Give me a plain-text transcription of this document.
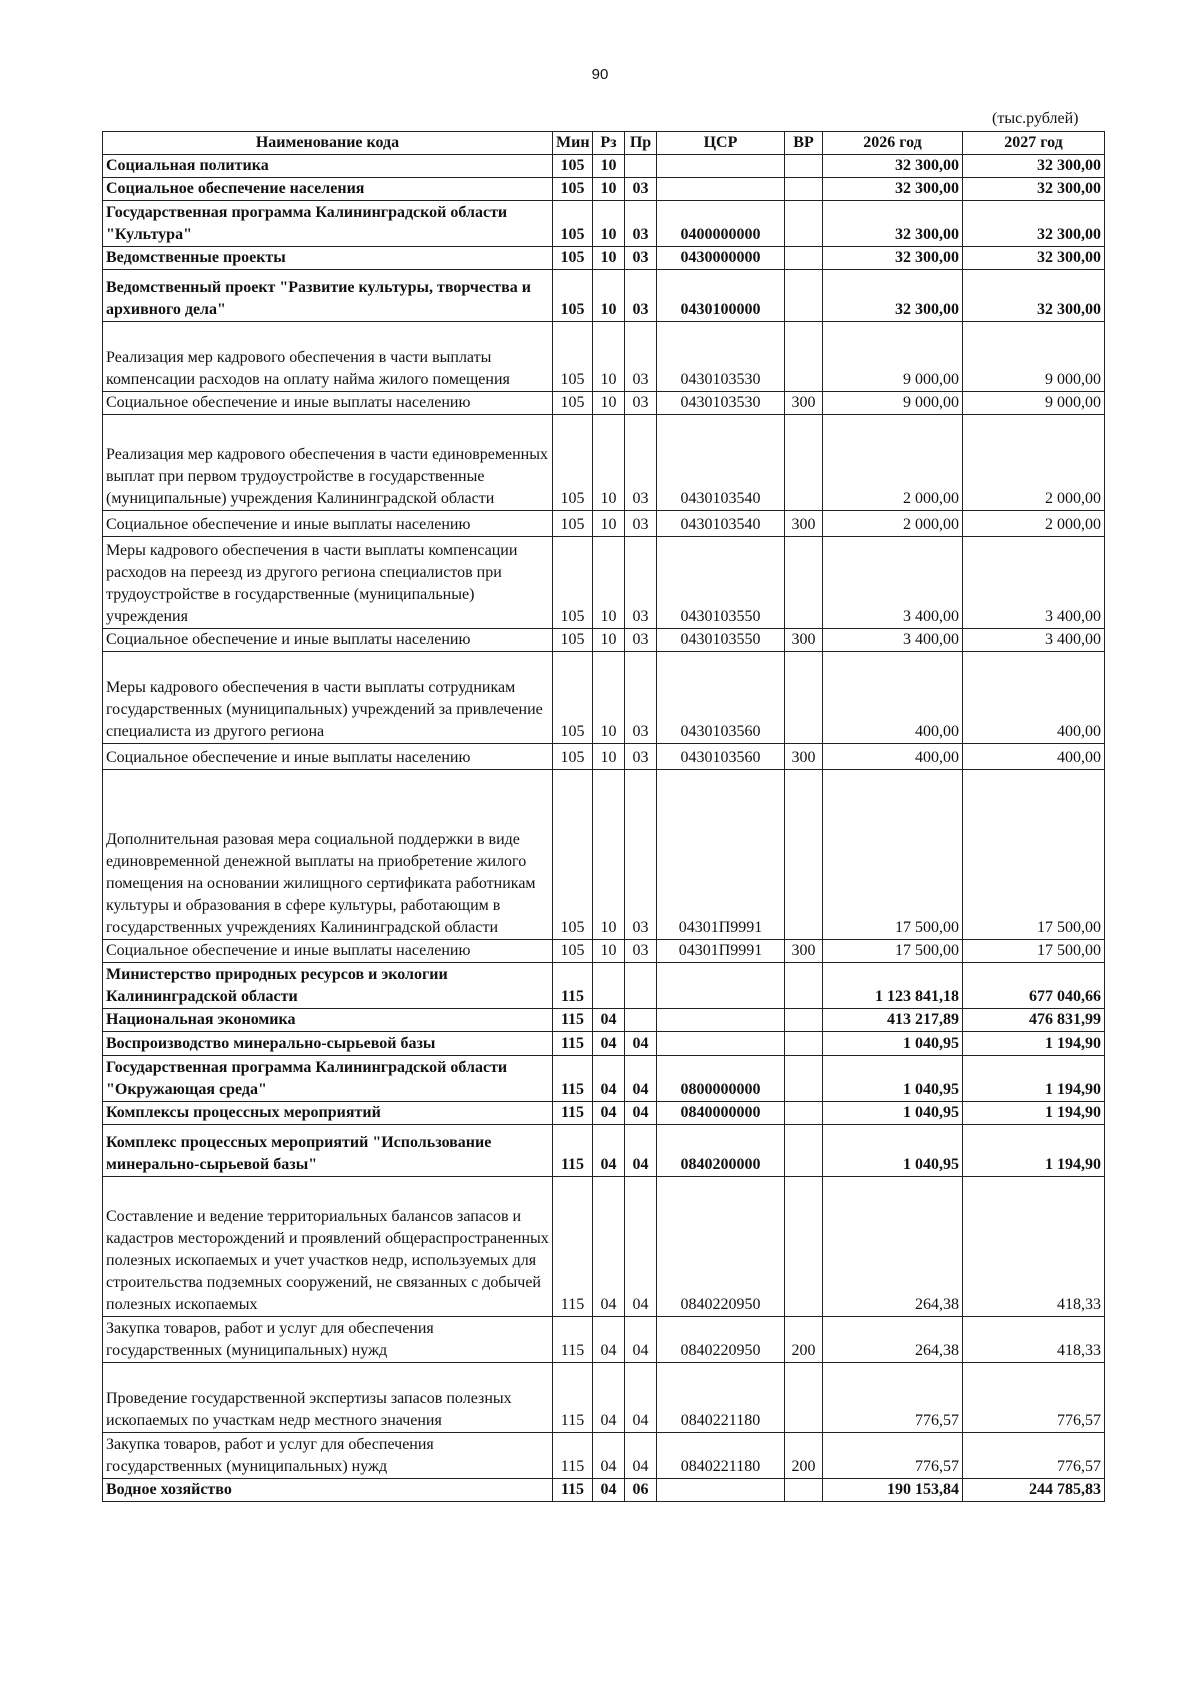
90
(тыс.рублей)
Наименование кода	Мин	Рз	Пр	ЦСР	ВР	2026 год	2027 год
Социальная политика	105	10				32 300,00	32 300,00
Социальное обеспечение населения	105	10	03			32 300,00	32 300,00
Государственная программа Калининградской области "Культура"	105	10	03	0400000000		32 300,00	32 300,00
Ведомственные проекты	105	10	03	0430000000		32 300,00	32 300,00
Ведомственный проект "Развитие культуры, творчества и архивного дела"	105	10	03	0430100000		32 300,00	32 300,00
Реализация мер кадрового обеспечения в части выплаты компенсации расходов на оплату найма жилого помещения	105	10	03	0430103530		9 000,00	9 000,00
Социальное обеспечение и иные выплаты населению	105	10	03	0430103530	300	9 000,00	9 000,00
Реализация мер кадрового обеспечения в части единовременных выплат при первом трудоустройстве в государственные (муниципальные) учреждения Калининградской области	105	10	03	0430103540		2 000,00	2 000,00
Социальное обеспечение и иные выплаты населению	105	10	03	0430103540	300	2 000,00	2 000,00
Меры кадрового обеспечения в части выплаты компенсации расходов на переезд из другого региона специалистов при трудоустройстве в государственные (муниципальные) учреждения	105	10	03	0430103550		3 400,00	3 400,00
Социальное обеспечение и иные выплаты населению	105	10	03	0430103550	300	3 400,00	3 400,00
Меры кадрового обеспечения в части выплаты сотрудникам государственных (муниципальных) учреждений за привлечение специалиста из другого региона	105	10	03	0430103560		400,00	400,00
Социальное обеспечение и иные выплаты населению	105	10	03	0430103560	300	400,00	400,00
Дополнительная разовая мера социальной поддержки в виде единовременной денежной выплаты на приобретение жилого помещения на основании жилищного сертификата работникам культуры и образования в сфере культуры, работающим в государственных учреждениях Калининградской области	105	10	03	04301П9991		17 500,00	17 500,00
Социальное обеспечение и иные выплаты населению	105	10	03	04301П9991	300	17 500,00	17 500,00
Министерство природных ресурсов и экологии Калининградской области	115					1 123 841,18	677 040,66
Национальная экономика	115	04				413 217,89	476 831,99
Воспроизводство минерально-сырьевой базы	115	04	04			1 040,95	1 194,90
Государственная программа Калининградской области "Окружающая среда"	115	04	04	0800000000		1 040,95	1 194,90
Комплексы процессных мероприятий	115	04	04	0840000000		1 040,95	1 194,90
Комплекс процессных мероприятий "Использование минерально-сырьевой базы"	115	04	04	0840200000		1 040,95	1 194,90
Составление и ведение территориальных балансов запасов и кадастров месторождений и проявлений общераспространенных полезных ископаемых и учет участков недр, используемых для строительства подземных сооружений, не связанных с добычей полезных ископаемых	115	04	04	0840220950		264,38	418,33
Закупка товаров, работ и услуг для обеспечения государственных (муниципальных) нужд	115	04	04	0840220950	200	264,38	418,33
Проведение государственной экспертизы запасов полезных ископаемых по участкам недр местного значения	115	04	04	0840221180		776,57	776,57
Закупка товаров, работ и услуг для обеспечения государственных (муниципальных) нужд	115	04	04	0840221180	200	776,57	776,57
Водное хозяйство	115	04	06			190 153,84	244 785,83
